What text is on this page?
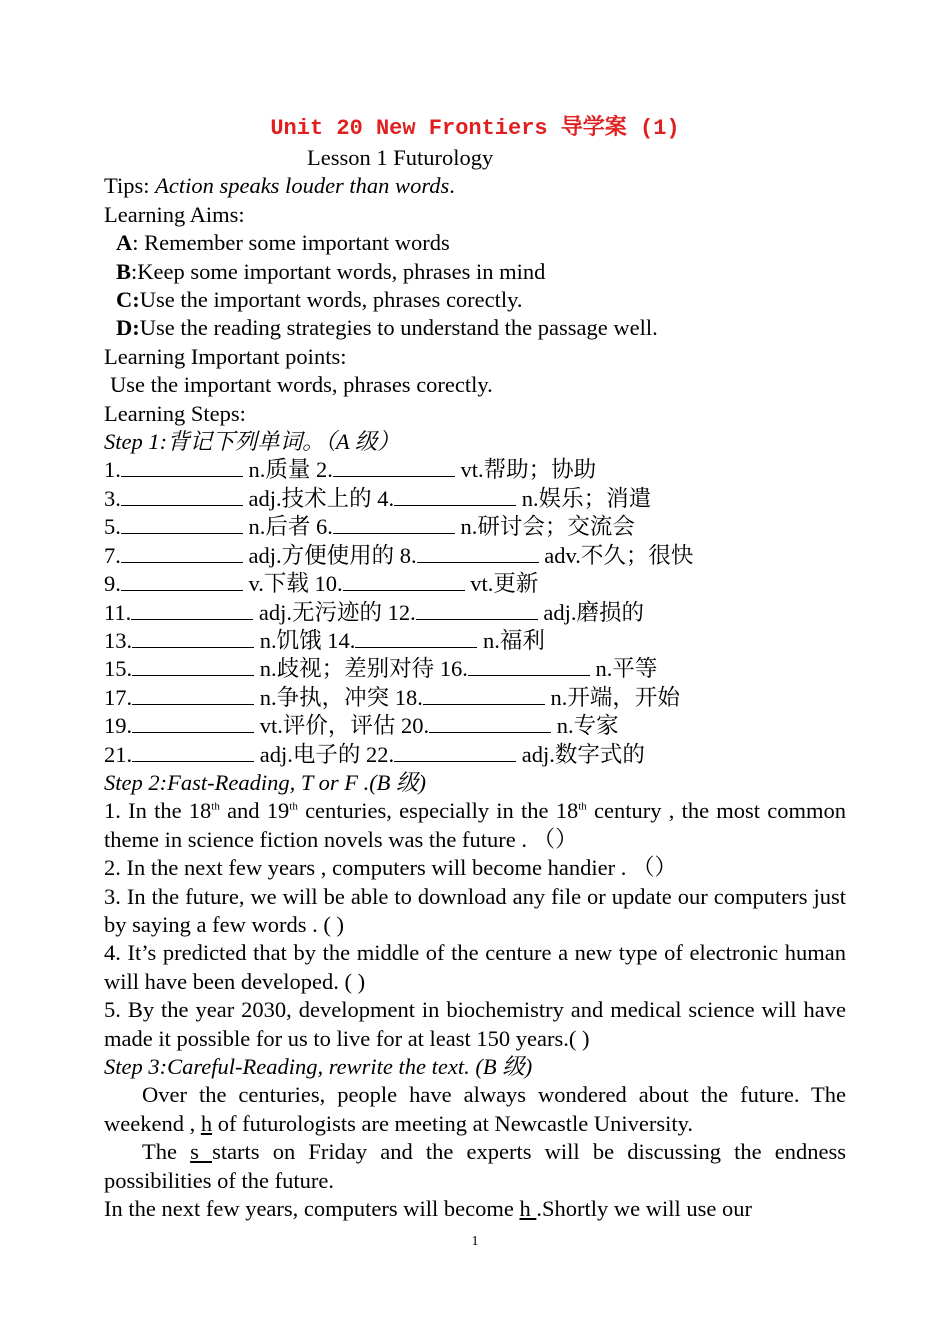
Unit 20 New Frontiers 导学案 (1)
Lesson 1 Futurology
Tips: Action speaks louder than words.
Learning Aims:
A: Remember some important words
B:Keep some important words, phrases in mind
C:Use the important words, phrases corectly.
D:Use the reading strategies to understand the passage well.
Learning Important points:
Use the important words, phrases corectly.
Learning Steps:
Step 1:背记下列单词。（A 级）
1.	n.质量 2.	vt.帮助；协助
3.	adj.技术上的 4.	n.娱乐；消遣
5.	n.后者 6.	n.研讨会；交流会
7.	adj.方便使用的 8.	adv.不久；很快
9.	v.下载 10.	vt.更新
11.	adj.无污迹的 12.	adj.磨损的
13.	n.饥饿 14.	n.福利
15.	n.歧视；差别对待 16.	n.平等
17.	n.争执，冲突 18.	n.开端，开始
19.	vt.评价，评估 20.	n.专家
21.	adj.电子的 22.	adj.数字式的
Step 2:Fast-Reading, T or F .(B 级)
1. In the 18th and 19th centuries, especially in the 18th century , the most common theme in science fiction novels was the future . （）
2. In the next few years , computers will become handier . （）
3. In the future, we will be able to download any file or update our computers just by saying a few words . ( )
4. It’s predicted that by the middle of the centure a new type of electronic human will have been developed. ( )
5. By the year 2030, development in biochemistry and medical science will have made it possible for us to live for at least 150 years.( )
Step 3:Careful-Reading, rewrite the text. (B 级)
Over the centuries, people have always wondered about the future. The weekend , h of futurologists are meeting at Newcastle University.
The s starts on Friday and the experts will be discussing the endness possibilities of the future.
In the next few years, computers will become h .Shortly we will use our
1
